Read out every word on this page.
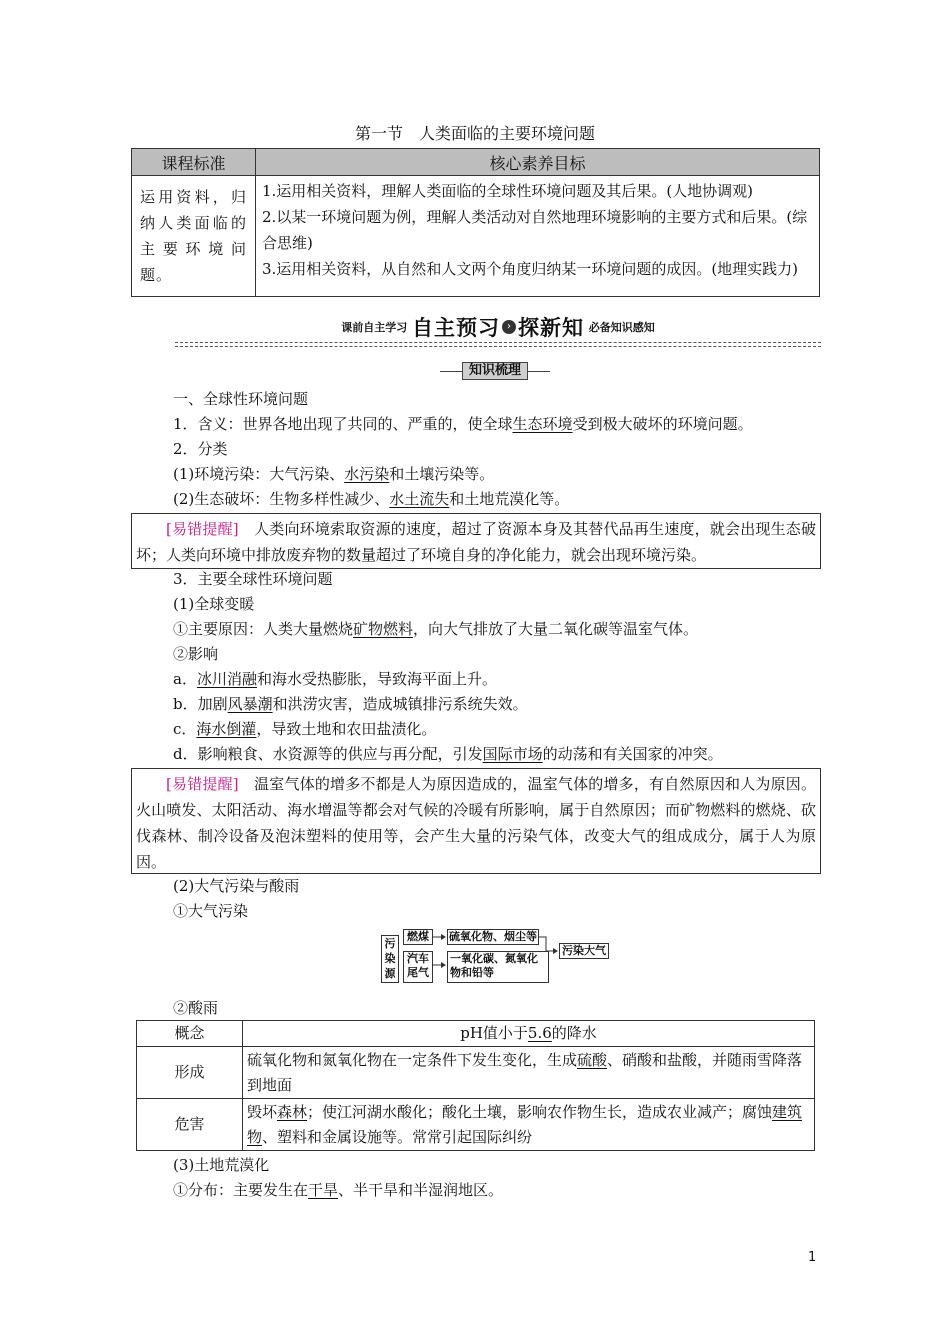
第一节　人类面临的主要环境问题
课程标准	核心素养目标
运用资料，归纳人类面临的主要环境问题。	1.运用相关资料，理解人类面临的全球性环境问题及其后果。(人地协调观)
2.以某一环境问题为例，理解人类活动对自然地理环境影响的主要方式和后果。(综合思维)
3.运用相关资料，从自然和人文两个角度归纳某一环境问题的成因。(地理实践力)
课前自主学习 自主预习 › 探新知 必备知识感知
知识梳理
一、全球性环境问题
1．含义：世界各地出现了共同的、严重的，使全球生态环境受到极大破坏的环境问题。
2．分类
(1)环境污染：大气污染、水污染和土壤污染等。
(2)生态破坏：生物多样性减少、水土流失和土地荒漠化等。
[易错提醒]　 人类向环境索取资源的速度，超过了资源本身及其替代品再生速度，就会出现生态破坏；人类向环境中排放废弃物的数量超过了环境自身的净化能力，就会出现环境污染。
3．主要全球性环境问题
(1)全球变暖
①主要原因：人类大量燃烧矿物燃料，向大气排放了大量二氧化碳等温室气体。
②影响
a．冰川消融和海水受热膨胀，导致海平面上升。
b．加剧风暴潮和洪涝灾害，造成城镇排污系统失效。
c．海水倒灌，导致土地和农田盐渍化。
d．影响粮食、水资源等的供应与再分配，引发国际市场的动荡和有关国家的冲突。
[易错提醒]　 温室气体的增多不都是人为原因造成的，温室气体的增多，有自然原因和人为原因。火山喷发、太阳活动、海水增温等都会对气候的冷暖有所影响，属于自然原因；而矿物燃料的燃烧、砍伐森林、制冷设备及泡沫塑料的使用等，会产生大量的污染气体，改变大气的组成成分，属于人为原因。
(2)大气污染与酸雨
①大气污染
污染源
燃煤	硫氧化物、烟尘等
汽车尾气
一氧化碳、氮氧化物和铅等
污染大气
②酸雨
概念	pH值小于5.6的降水
形成	硫氧化物和氮氧化物在一定条件下发生变化，生成硫酸、硝酸和盐酸，并随雨雪降落到地面
危害	毁坏森林；使江河湖水酸化；酸化土壤，影响农作物生长，造成农业减产；腐蚀建筑物、塑料和金属设施等。常常引起国际纠纷
(3)土地荒漠化
①分布：主要发生在干旱、半干旱和半湿润地区。
1
